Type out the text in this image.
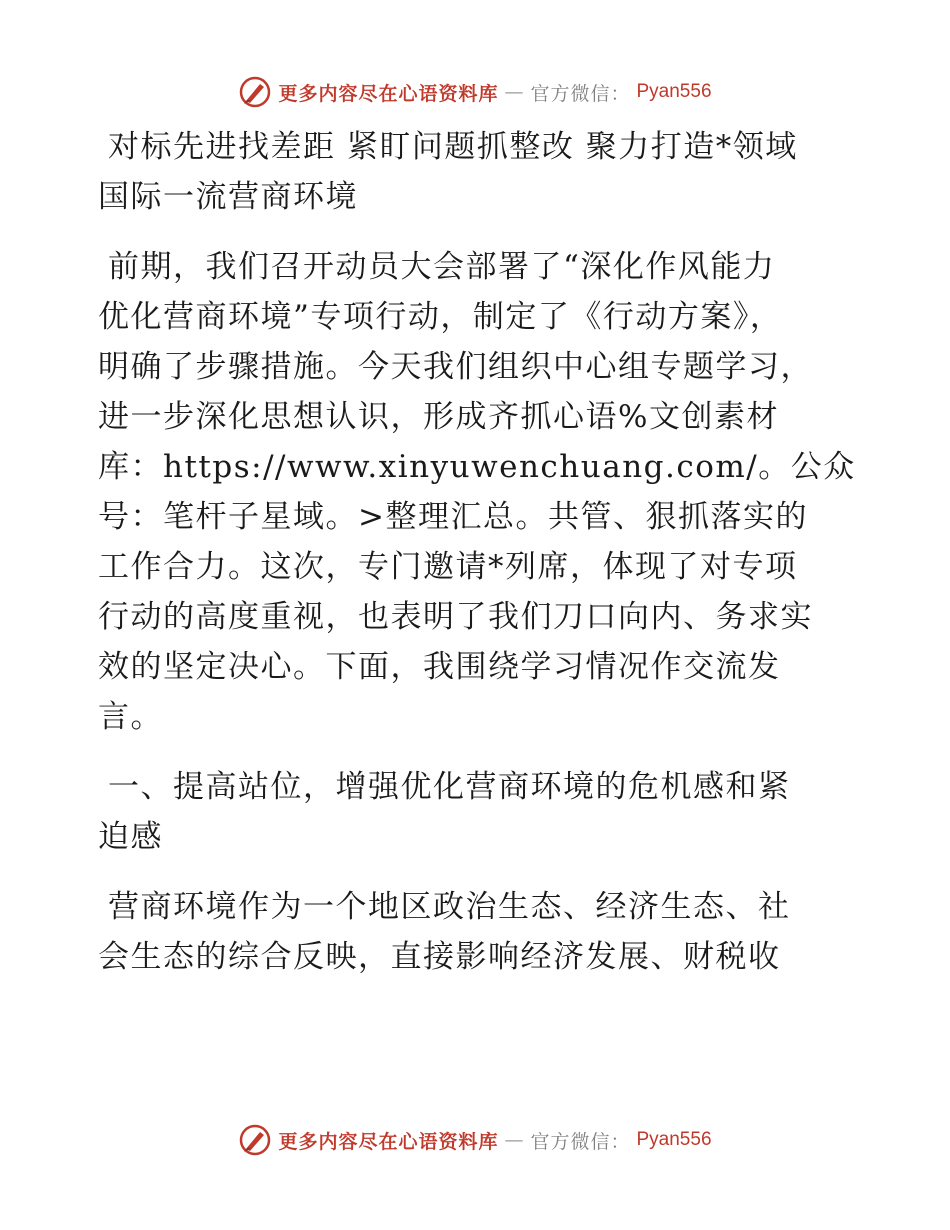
更多内容尽在心语资料库 — 官方微信： Pyan556
对标先进找差距 紧盯问题抓整改 聚力打造*领域
国际一流营商环境
前期，我们召开动员大会部署了“深化作风能力
优化营商环境”专项行动，制定了《行动方案》，
明确了步骤措施。今天我们组织中心组专题学习，
进一步深化思想认识，形成齐抓心语%文创素材
库：https://www.xinyuwenchuang.com/。公众
号：笔杆子星域。>整理汇总。共管、狠抓落实的
工作合力。这次，专门邀请*列席，体现了对专项
行动的高度重视，也表明了我们刀口向内、务求实
效的坚定决心。下面，我围绕学习情况作交流发
言。
一、提高站位，增强优化营商环境的危机感和紧
迫感
营商环境作为一个地区政治生态、经济生态、社
会生态的综合反映，直接影响经济发展、财税收
更多内容尽在心语资料库 — 官方微信： Pyan556
